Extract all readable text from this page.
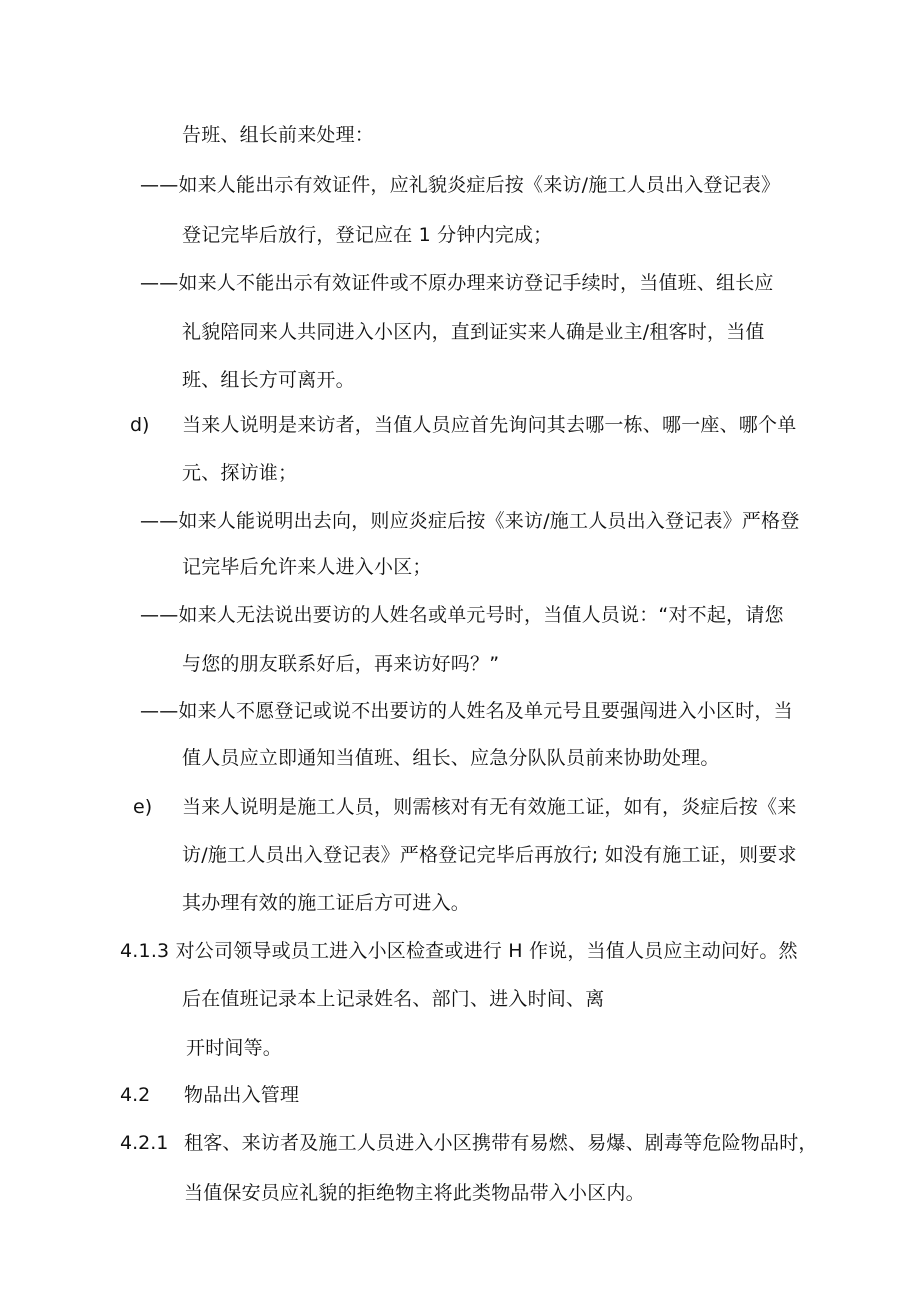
告班、组长前来处理：
——如来人能出示有效证件，应礼貌炎症后按《来访/施工人员出入登记表》
登记完毕后放行，登记应在 1 分钟内完成；
——如来人不能出示有效证件或不原办理来访登记手续时，当值班、组长应
礼貌陪同来人共同进入小区内，直到证实来人确是业主/租客时，当值
班、组长方可离开。
d) 当来人说明是来访者，当值人员应首先询问其去哪一栋、哪一座、哪个单
元、探访谁；
——如来人能说明出去向，则应炎症后按《来访/施工人员出入登记表》严格登
记完毕后允许来人进入小区；
——如来人无法说出要访的人姓名或单元号时，当值人员说：“对不起，请您
与您的朋友联系好后，再来访好吗？”
——如来人不愿登记或说不出要访的人姓名及单元号且要强闯进入小区时，当
值人员应立即通知当值班、组长、应急分队队员前来协助处理。
e) 当来人说明是施工人员，则需核对有无有效施工证，如有，炎症后按《来
访/施工人员出入登记表》严格登记完毕后再放行; 如没有施工证，则要求
其办理有效的施工证后方可进入。
4.1.3 对公司领导或员工进入小区检查或进行 H 作说，当值人员应主动问好。然
后在值班记录本上记录姓名、部门、进入时间、离
开时间等。
4.2 物品出入管理
4.2.1 租客、来访者及施工人员进入小区携带有易燃、易爆、剧毒等危险物品时，
当值保安员应礼貌的拒绝物主将此类物品带入小区内。
